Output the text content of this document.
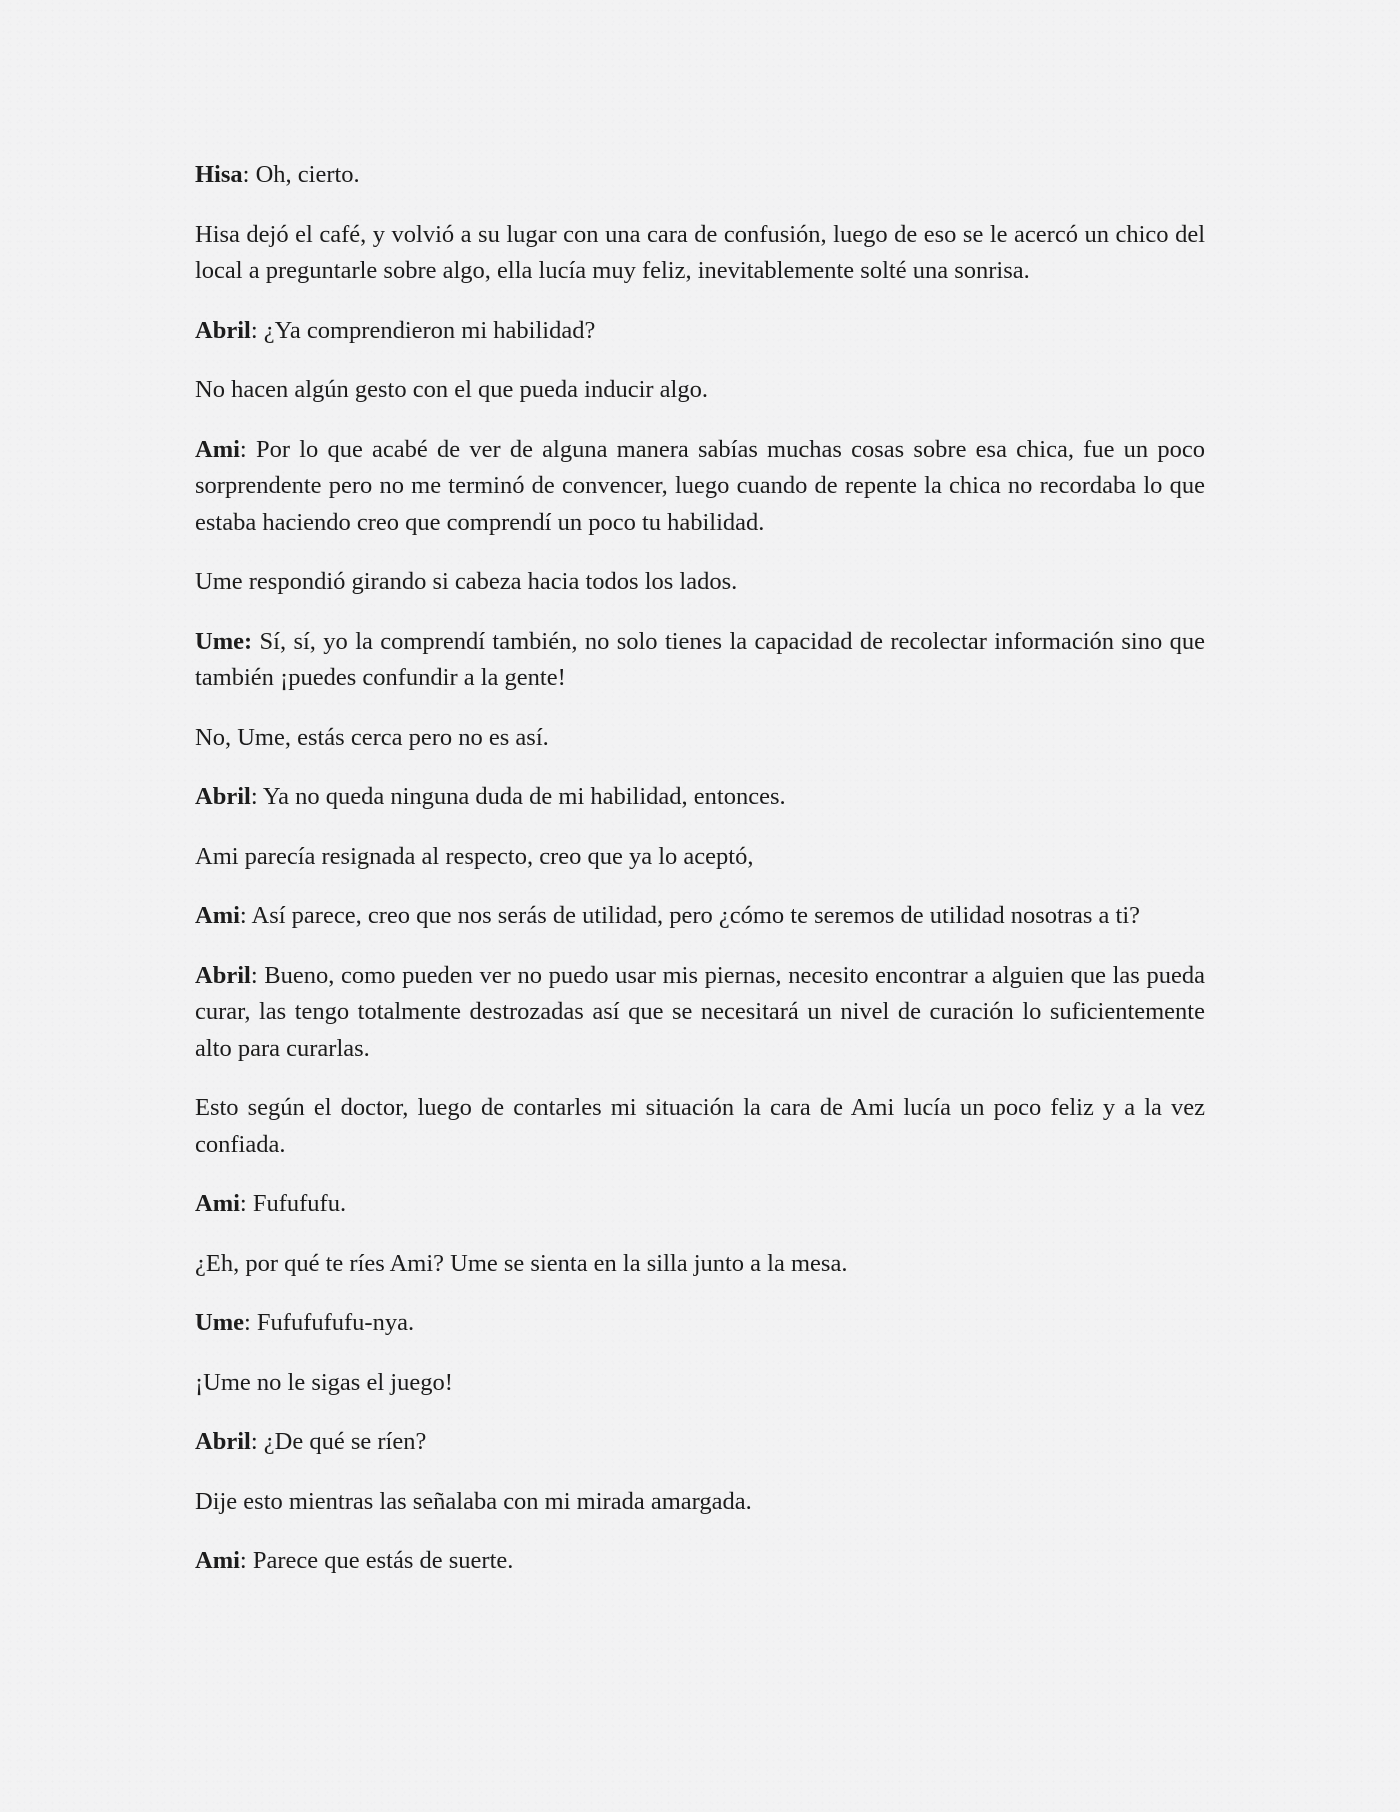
Hisa: Oh, cierto.

Hisa dejó el café, y volvió a su lugar con una cara de confusión, luego de eso se le acercó un chico del local a preguntarle sobre algo, ella lucía muy feliz, inevitablemente solté una sonrisa.

Abril: ¿Ya comprendieron mi habilidad?

No hacen algún gesto con el que pueda inducir algo.

Ami: Por lo que acabé de ver de alguna manera sabías muchas cosas sobre esa chica, fue un poco sorprendente pero no me terminó de convencer, luego cuando de repente la chica no recordaba lo que estaba haciendo creo que comprendí un poco tu habilidad.

Ume respondió girando si cabeza hacia todos los lados.

Ume: Sí, sí, yo la comprendí también, no solo tienes la capacidad de recolectar información sino que también ¡puedes confundir a la gente!

No, Ume, estás cerca pero no es así.

Abril: Ya no queda ninguna duda de mi habilidad, entonces.

Ami parecía resignada al respecto, creo que ya lo aceptó,

Ami: Así parece, creo que nos serás de utilidad, pero ¿cómo te seremos de utilidad nosotras a ti?

Abril: Bueno, como pueden ver no puedo usar mis piernas, necesito encontrar a alguien que las pueda curar, las tengo totalmente destrozadas así que se necesitará un nivel de curación lo suficientemente alto para curarlas.

Esto según el doctor, luego de contarles mi situación la cara de Ami lucía un poco feliz y a la vez confiada.

Ami: Fufufufu.

¿Eh, por qué te ríes Ami? Ume se sienta en la silla junto a la mesa.

Ume: Fufufufufu-nya.

¡Ume no le sigas el juego!

Abril: ¿De qué se ríen?

Dije esto mientras las señalaba con mi mirada amargada.

Ami: Parece que estás de suerte.
